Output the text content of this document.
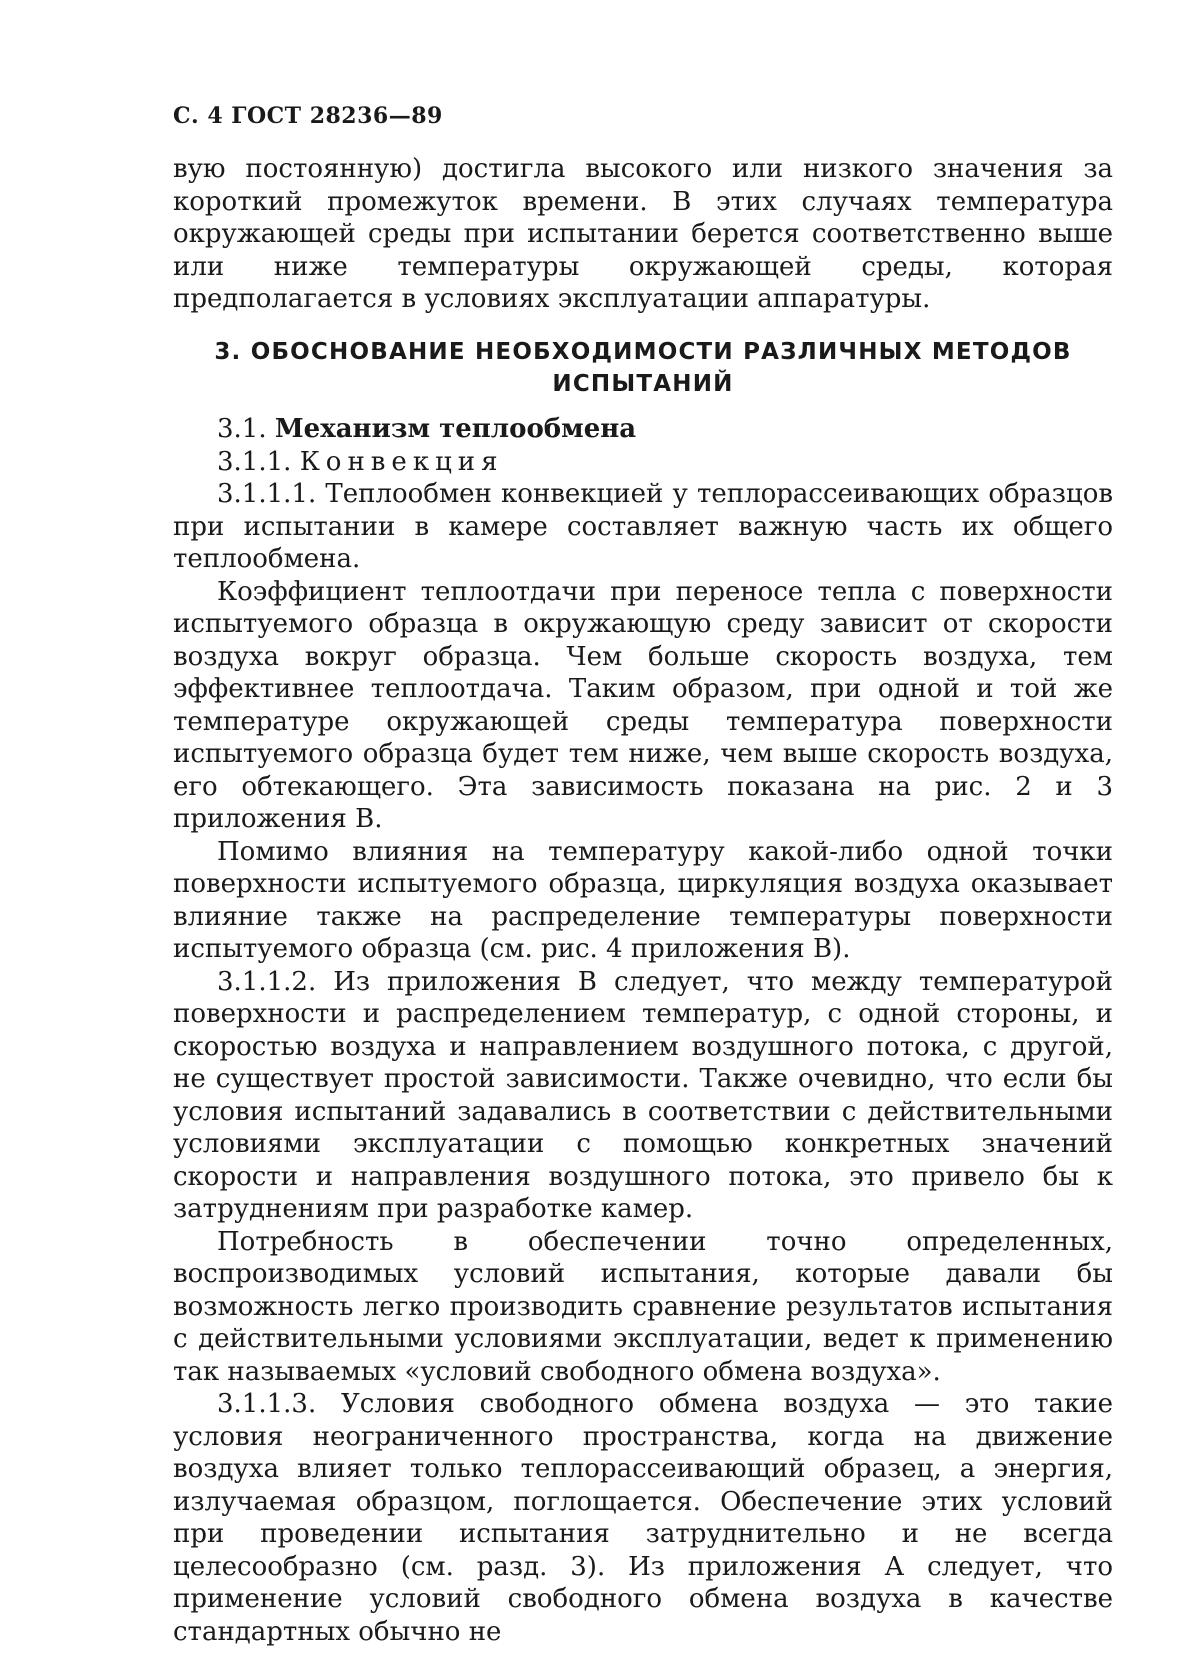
С. 4 ГОСТ 28236—89

вую постоянную) достигла высокого или низкого значения за короткий промежуток времени. В этих случаях температура окружающей среды при испытании берется соответственно выше или ниже температуры окружающей среды, которая предполагается в условиях эксплуатации аппаратуры.

3. ОБОСНОВАНИЕ НЕОБХОДИМОСТИ РАЗЛИЧНЫХ МЕТОДОВ
ИСПЫТАНИЙ

3.1. Механизм теплообмена

3.1.1. Конвекция

3.1.1.1. Теплообмен конвекцией у теплорассеивающих образцов при испытании в камере составляет важную часть их общего теплообмена.

Коэффициент теплоотдачи при переносе тепла с поверхности испытуемого образца в окружающую среду зависит от скорости воздуха вокруг образца. Чем больше скорость воздуха, тем эффективнее теплоотдача. Таким образом, при одной и той же температуре окружающей среды температура поверхности испытуемого образца будет тем ниже, чем выше скорость воздуха, его обтекающего. Эта зависимость показана на рис. 2 и 3 приложения В.

Помимо влияния на температуру какой-либо одной точки поверхности испытуемого образца, циркуляция воздуха оказывает влияние также на распределение температуры поверхности испытуемого образца (см. рис. 4 приложения В).

3.1.1.2. Из приложения В следует, что между температурой поверхности и распределением температур, с одной стороны, и скоростью воздуха и направлением воздушного потока, с другой, не существует простой зависимости. Также очевидно, что если бы условия испытаний задавались в соответствии с действительными условиями эксплуатации с помощью конкретных значений скорости и направления воздушного потока, это привело бы к затруднениям при разработке камер.

Потребность в обеспечении точно определенных, воспроизводимых условий испытания, которые давали бы возможность легко производить сравнение результатов испытания с действительными условиями эксплуатации, ведет к применению так называемых «условий свободного обмена воздуха».

3.1.1.3. Условия свободного обмена воздуха — это такие условия неограниченного пространства, когда на движение воздуха влияет только теплорассеивающий образец, а энергия, излучаемая образцом, поглощается. Обеспечение этих условий при проведении испытания затруднительно и не всегда целесообразно (см. разд. 3). Из приложения А следует, что применение условий свободного обмена воздуха в качестве стандартных обычно не
